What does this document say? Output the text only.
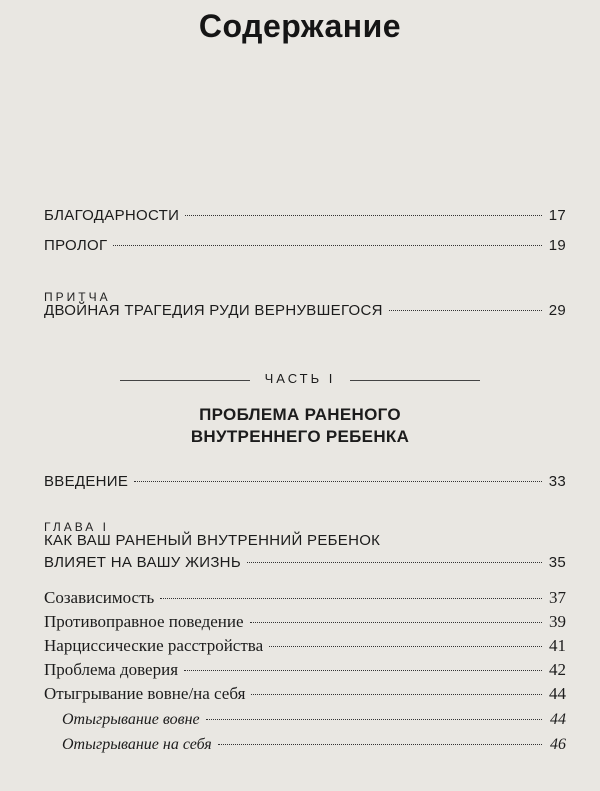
Содержание
БЛАГОДАРНОСТИ	17
ПРОЛОГ	19
ПРИТЧА
ДВОЙНАЯ ТРАГЕДИЯ РУДИ ВЕРНУВШЕГОСЯ	29
ЧАСТЬ I
ПРОБЛЕМА РАНЕНОГО
ВНУТРЕННЕГО РЕБЕНКА
ВВЕДЕНИЕ	33
ГЛАВА I
КАК ВАШ РАНЕНЫЙ ВНУТРЕННИЙ РЕБЕНОК
ВЛИЯЕТ НА ВАШУ ЖИЗНЬ	35
Созависимость	37
Противоправное поведение	39
Нарциссические расстройства	41
Проблема доверия	42
Отыгрывание вовне/на себя	44
Отыгрывание вовне	44
Отыгрывание на себя	46
